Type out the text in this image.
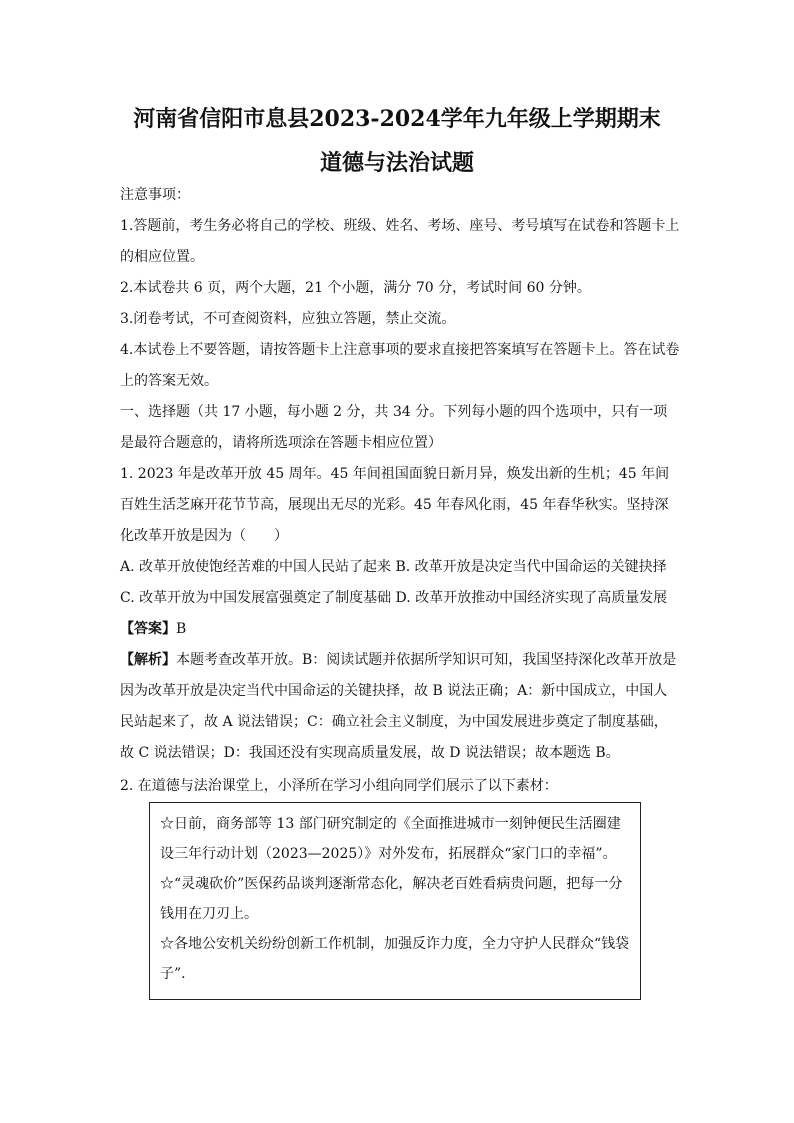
河南省信阳市息县2023-2024学年九年级上学期期末
道德与法治试题
注意事项：
1.答题前，考生务必将自己的学校、班级、姓名、考场、座号、考号填写在试卷和答题卡上的相应位置。
2.本试卷共 6 页，两个大题，21 个小题，满分 70 分，考试时间 60 分钟。
3.闭卷考试，不可查阅资料，应独立答题，禁止交流。
4.本试卷上不要答题，请按答题卡上注意事项的要求直接把答案填写在答题卡上。答在试卷上的答案无效。
一、选择题（共 17 小题，每小题 2 分，共 34 分。下列每小题的四个选项中，只有一项是最符合题意的，请将所选项涂在答题卡相应位置）
1. 2023 年是改革开放 45 周年。45 年间祖国面貌日新月异，焕发出新的生机；45 年间百姓生活芝麻开花节节高，展现出无尽的光彩。45 年春风化雨，45 年春华秋实。坚持深化改革开放是因为（　　）
A. 改革开放使饱经苦难的中国人民站了起来 B. 改革开放是决定当代中国命运的关键抉择
C. 改革开放为中国发展富强奠定了制度基础 D. 改革开放推动中国经济实现了高质量发展
【答案】B
【解析】本题考查改革开放。B：阅读试题并依据所学知识可知，我国坚持深化改革开放是因为改革开放是决定当代中国命运的关键抉择，故 B 说法正确；A：新中国成立，中国人民站起来了，故 A 说法错误；C：确立社会主义制度，为中国发展进步奠定了制度基础，故 C 说法错误；D：我国还没有实现高质量发展，故 D 说法错误；故本题选 B。
2. 在道德与法治课堂上，小泽所在学习小组向同学们展示了以下素材：

☆日前，商务部等 13 部门研究制定的《全面推进城市一刻钟便民生活圈建设三年行动计划（2023—2025）》对外发布，拓展群众“家门口的幸福”。

☆“灵魂砍价”医保药品谈判逐渐常态化，解决老百姓看病贵问题，把每一分钱用在刀刃上。

☆各地公安机关纷纷创新工作机制，加强反诈力度，全力守护人民群众“钱袋子”.
